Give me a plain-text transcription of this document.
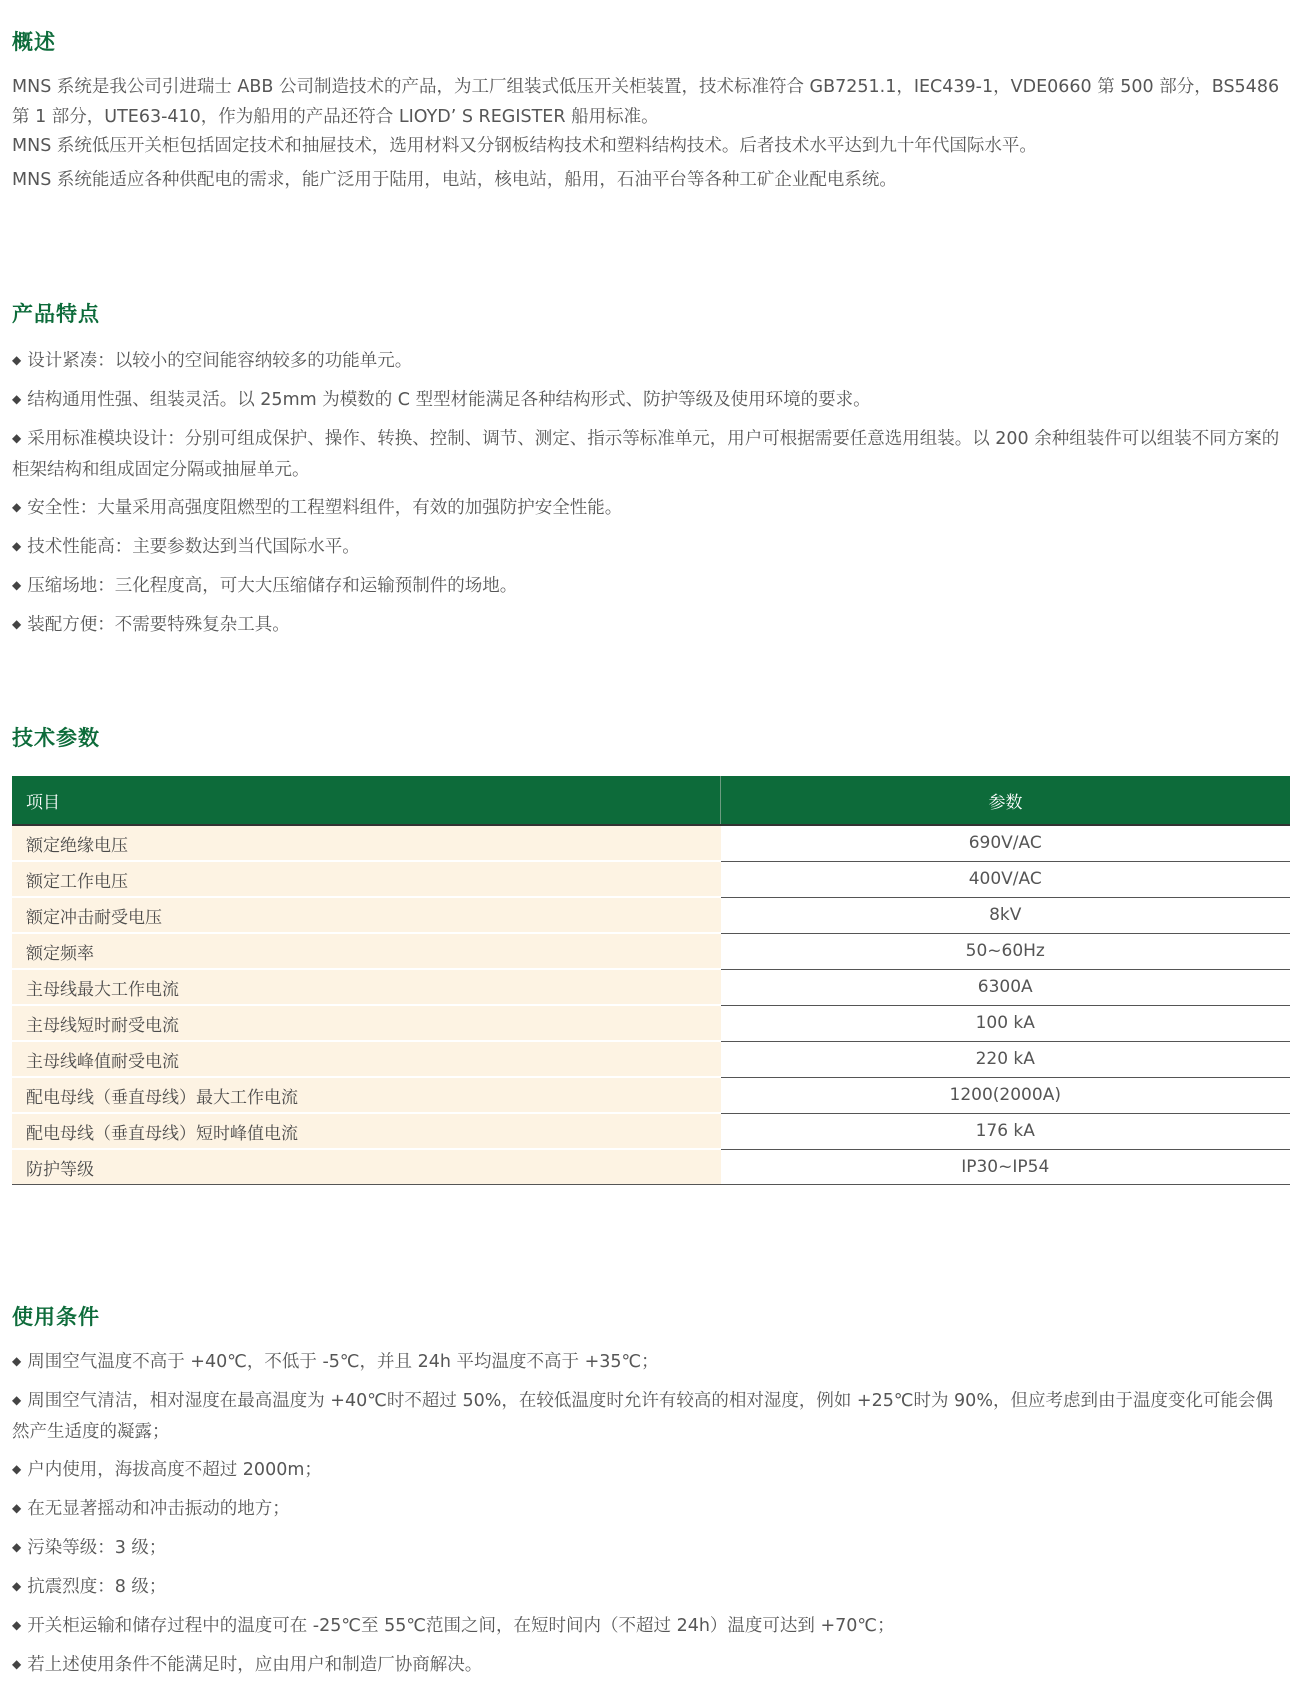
概述

MNS 系统是我公司引进瑞士 ABB 公司制造技术的产品，为工厂组装式低压开关柜装置，技术标准符合 GB7251.1，IEC439-1，VDE0660 第 500 部分，BS5486 第 1 部分，UTE63-410，作为船用的产品还符合 LIOYD’ S REGISTER 船用标准。

MNS 系统低压开关柜包括固定技术和抽屉技术，选用材料又分钢板结构技术和塑料结构技术。后者技术水平达到九十年代国际水平。

MNS 系统能适应各种供配电的需求，能广泛用于陆用，电站，核电站，船用，石油平台等各种工矿企业配电系统。

产品特点
◆ 设计紧凑：以较小的空间能容纳较多的功能单元。
◆ 结构通用性强、组装灵活。以 25mm 为模数的 C 型型材能满足各种结构形式、防护等级及使用环境的要求。
◆ 采用标准模块设计：分别可组成保护、操作、转换、控制、调节、测定、指示等标准单元，用户可根据需要任意选用组装。以 200 余种组装件可以组装不同方案的柜架结构和组成固定分隔或抽屉单元。
◆ 安全性：大量采用高强度阻燃型的工程塑料组件，有效的加强防护安全性能。
◆ 技术性能高：主要参数达到当代国际水平。
◆ 压缩场地：三化程度高，可大大压缩储存和运输预制件的场地。
◆ 装配方便：不需要特殊复杂工具。
技术参数
项目	参数
额定绝缘电压	690V/AC
额定工作电压	400V/AC
额定冲击耐受电压	8kV
额定频率	50~60Hz
主母线最大工作电流	6300A
主母线短时耐受电流	100 kA
主母线峰值耐受电流	220 kA
配电母线（垂直母线）最大工作电流	1200(2000A)
配电母线（垂直母线）短时峰值电流	176 kA
防护等级	IP30~IP54
使用条件
◆ 周围空气温度不高于 +40℃，不低于 -5℃，并且 24h 平均温度不高于 +35℃；
◆ 周围空气清洁，相对湿度在最高温度为 +40℃时不超过 50%，在较低温度时允许有较高的相对湿度，例如 +25℃时为 90%，但应考虑到由于温度变化可能会偶然产生适度的凝露；
◆ 户内使用，海拔高度不超过 2000m；
◆ 在无显著摇动和冲击振动的地方；
◆ 污染等级：3 级；
◆ 抗震烈度：8 级；
◆ 开关柜运输和储存过程中的温度可在 -25℃至 55℃范围之间，在短时间内（不超过 24h）温度可达到 +70℃；
◆ 若上述使用条件不能满足时，应由用户和制造厂协商解决。
